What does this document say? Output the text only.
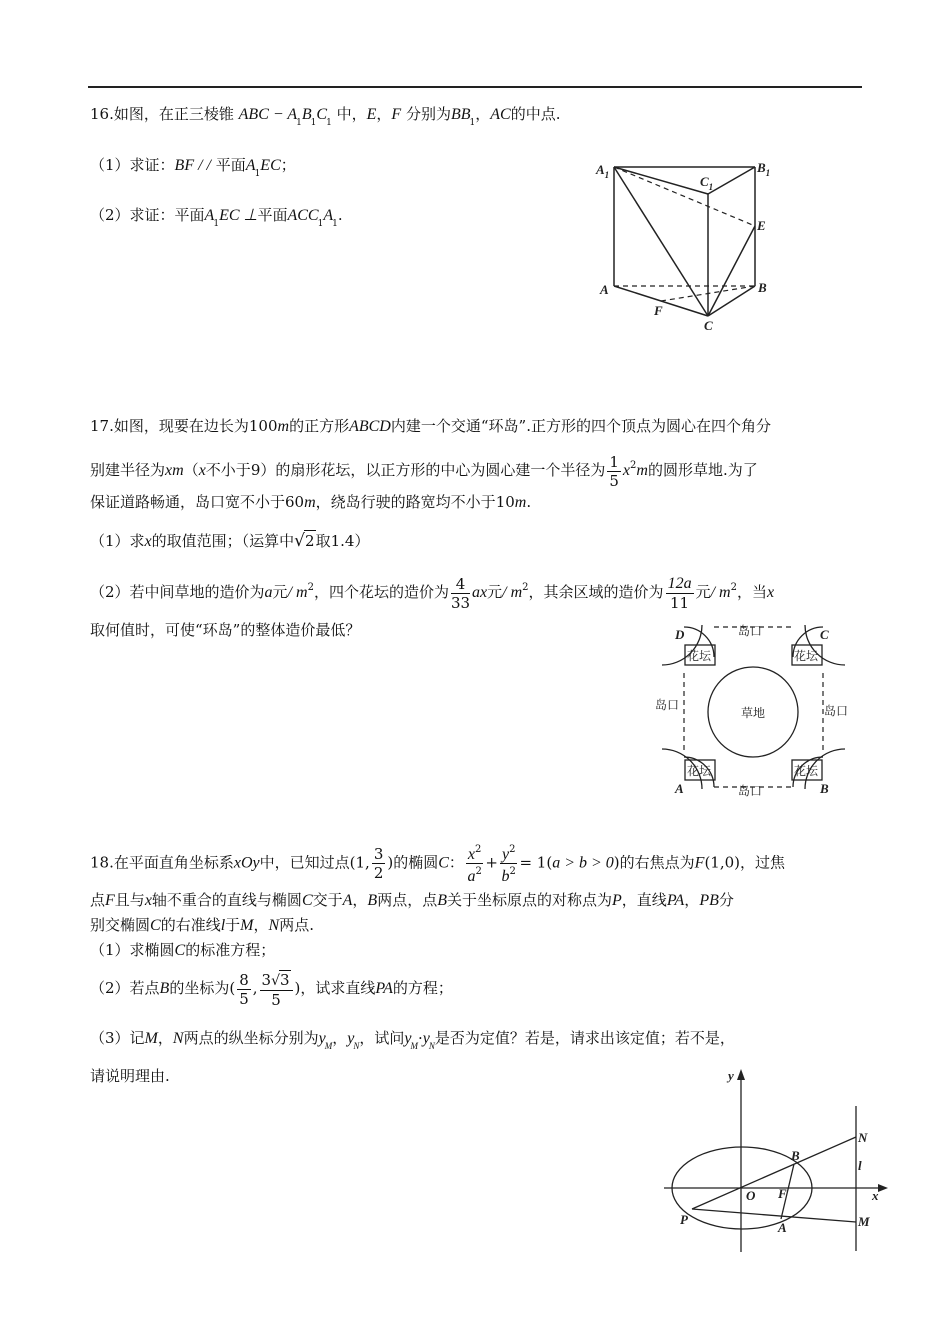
16.如图，在正三棱锥 ABC − $A_1B_1C_1$ 中，E，F 分别为$BB_1$，AC的中点.
（1）求证：BF / / 平面$A_1EC$；
（2）求证：平面$A_1EC$ ⊥平面$ACC_1A_1$.
$A_1$	$B_1$
$C_1$
E
A	B
F
C
17.如图，现要在边长为100m的正方形ABCD内建一个交通“环岛”.正方形的四个顶点为圆心在四个角分
别建半径为xm（x不小于9）的扇形花坛，以正方形的中心为圆心建一个半径为 $\frac{1}{5} x^2m$的圆形草地.为了
保证道路畅通，岛口宽不小于60m，绕岛行驶的路宽均不小于10m.
（1）求x的取值范围；（运算中√2取1.4）
（2）若中间草地的造价为a元/ $m^2$，四个花坛的造价为 $\frac{4}{33}$ ax元/ $m^2$，其余区域的造价为 $\frac{12a}{11}$ 元/ $m^2$，当x
取何值时，可使“环岛”的整体造价最低？	岛口
岛口
岛口	岛口
草地
花坛	花坛
花坛	花坛
D	C
A	B
18.在平面直角坐标系xOy中，已知过点(1, $\frac{3}{2}$ )的椭圆C： $\frac{x^2}{a^2} + \frac{y^2}{b^2} = 1(a > b > 0)$的右焦点为F(1,0)，过焦
点F且与x轴不重合的直线与椭圆C交于A，B两点，点B关于坐标原点的对称点为P，直线PA，PB分
别交椭圆C的右准线l于M，N两点.
（1）求椭圆C的标准方程；
（2）若点B的坐标为( $\frac{8}{5}$ , $\frac{3√3}{5}$ )，试求直线PA的方程；
（3）记M，N两点的纵坐标分别为$y_M$，$y_N$，试问$y_M\cdot y_N$是否为定值？若是，请求出该定值；若不是，
请说明理由.	y
x
O F
B
A
P
N
M
l
